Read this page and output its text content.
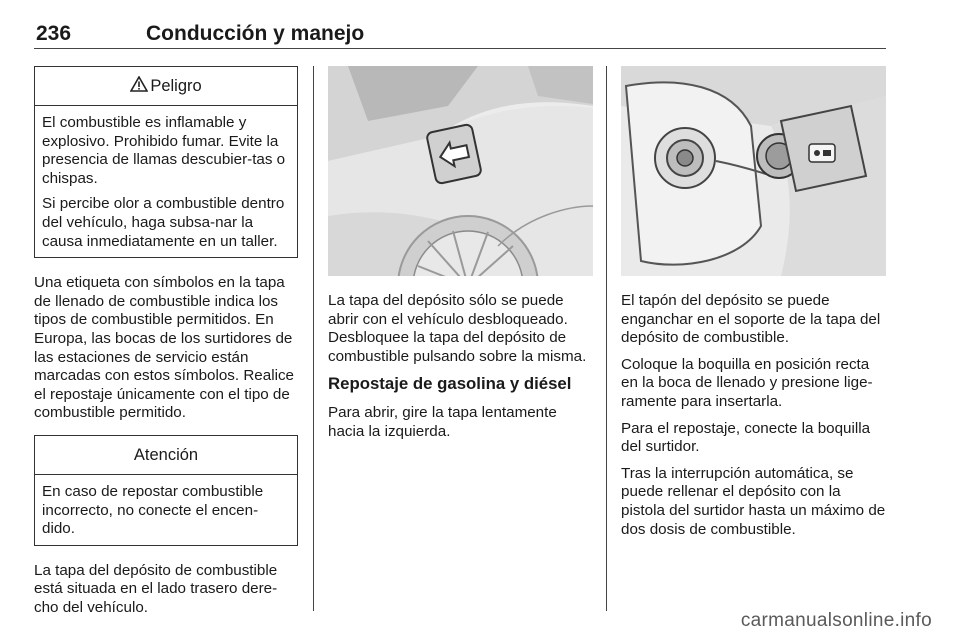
236	Conducción y manejo
Peligro

El combustible es inflamable y explosivo. Prohibido fumar. Evite la presencia de llamas descubier-tas o chispas.

Si percibe olor a combustible dentro del vehículo, haga subsa-nar la causa inmediatamente en un taller.

Una etiqueta con símbolos en la tapa de llenado de combustible indica los tipos de combustible permitidos. En Europa, las bocas de los surtidores de las estaciones de servicio están marcadas con estos símbolos. Realice el repostaje únicamente con el tipo de combustible permitido.

Atención

En caso de repostar combustible incorrecto, no conecte el encen-dido.

La tapa del depósito de combustible está situada en el lado trasero dere-cho del vehículo.

La tapa del depósito sólo se puede abrir con el vehículo desbloqueado. Desbloquee la tapa del depósito de combustible pulsando sobre la misma.

Repostaje de gasolina y diésel

Para abrir, gire la tapa lentamente hacia la izquierda.

El tapón del depósito se puede enganchar en el soporte de la tapa del depósito de combustible.

Coloque la boquilla en posición recta en la boca de llenado y presione lige-ramente para insertarla.

Para el repostaje, conecte la boquilla del surtidor.

Tras la interrupción automática, se puede rellenar el depósito con la pistola del surtidor hasta un máximo de dos dosis de combustible.

carmanualsonline.info
